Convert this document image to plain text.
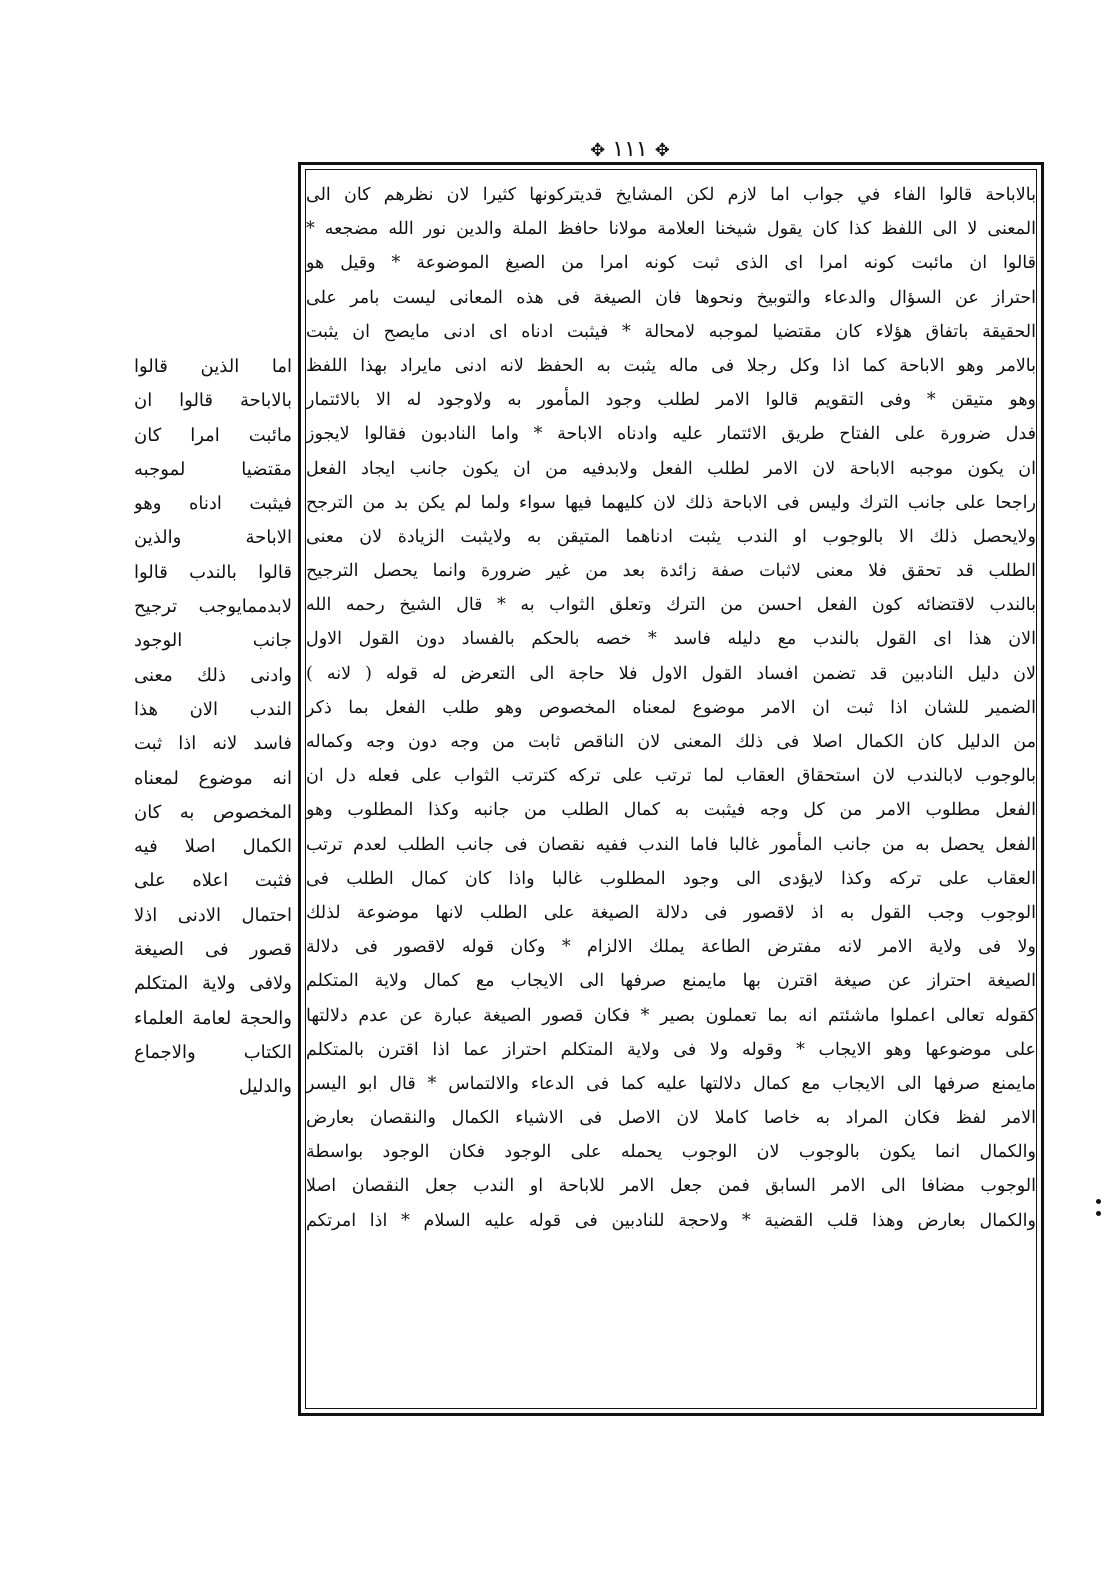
✥ ١١١ ✥
بالاباحة قالوا الفاء في جواب اما لازم لكن المشايخ قديتركونها كثيرا لان نظرهم كان الى
المعنى لا الى اللفظ كذا كان يقول شيخنا العلامة مولانا حافظ الملة والدين نور الله مضجعه *
قالوا ان مائبت كونه امرا اى الذى ثبت كونه امرا من الصيغ الموضوعة * وقيل هو
احتراز عن السؤال والدعاء والتوبيخ ونحوها فان الصيغة فى هذه المعانى ليست بامر على
الحقيقة باتفاق هؤلاء كان مقتضيا لموجبه لامحالة * فيثبت ادناه اى ادنى مايصح ان يثبت
بالامر وهو الاباحة كما اذا وكل رجلا فى ماله يثبت به الحفظ لانه ادنى مايراد بهذا اللفظ
وهو متيقن * وفى التقويم قالوا الامر لطلب وجود المأمور به ولاوجود له الا بالائتمار
فدل ضرورة على الفتاح طريق الائتمار عليه وادناه الاباحة * واما النادبون فقالوا لايجوز
ان يكون موجبه الاباحة لان الامر لطلب الفعل ولابدفيه من ان يكون جانب ايجاد الفعل
راجحا على جانب الترك وليس فى الاباحة ذلك لان كليهما فيها سواء ولما لم يكن بد من الترجح
ولايحصل ذلك الا بالوجوب او الندب يثبت ادناهما المتيقن به ولايثبت الزيادة لان معنى
الطلب قد تحقق فلا معنى لاثبات صفة زائدة بعد من غير ضرورة وانما يحصل الترجيح
بالندب لاقتضائه كون الفعل احسن من الترك وتعلق الثواب به * قال الشيخ رحمه الله
الان هذا اى القول بالندب مع دليله فاسد * خصه بالحكم بالفساد دون القول الاول
لان دليل النادبين قد تضمن افساد القول الاول فلا حاجة الى التعرض له قوله ( لانه )
الضمير للشان اذا ثبت ان الامر موضوع لمعناه المخصوص وهو طلب الفعل بما ذكر
من الدليل كان الكمال اصلا فى ذلك المعنى لان الناقص ثابت من وجه دون وجه وكماله
بالوجوب لابالندب لان استحقاق العقاب لما ترتب على تركه كترتب الثواب على فعله دل ان
الفعل مطلوب الامر من كل وجه فيثبت به كمال الطلب من جانبه وكذا المطلوب وهو
الفعل يحصل به من جانب المأمور غالبا فاما الندب ففيه نقصان فى جانب الطلب لعدم ترتب
العقاب على تركه وكذا لايؤدى الى وجود المطلوب غالبا واذا كان كمال الطلب فى
الوجوب وجب القول به اذ لاقصور فى دلالة الصيغة على الطلب لانها موضوعة لذلك
ولا فى ولاية الامر لانه مفترض الطاعة يملك الالزام * وكان قوله لاقصور فى دلالة
الصيغة احتراز عن صيغة اقترن بها مايمنع صرفها الى الايجاب مع كمال ولاية المتكلم
كقوله تعالى اعملوا ماشئتم انه بما تعملون بصير * فكان قصور الصيغة عبارة عن عدم دلالتها
على موضوعها وهو الايجاب * وقوله ولا فى ولاية المتكلم احتراز عما اذا اقترن بالمتكلم
مايمنع صرفها الى الايجاب مع كمال دلالتها عليه كما فى الدعاء والالتماس * قال ابو اليسر
الامر لفظ فكان المراد به خاصا كاملا لان الاصل فى الاشياء الكمال والنقصان بعارض
والكمال انما يكون بالوجوب لان الوجوب يحمله على الوجود فكان الوجود بواسطة
الوجوب مضافا الى الامر السابق فمن جعل الامر للاباحة او الندب جعل النقصان اصلا
والكمال بعارض وهذا قلب القضية * ولاحجة للنادبين فى قوله عليه السلام * اذا امرتكم
اما الذين قالوا
بالاباحة قالوا ان
مائبت امرا كان
مقتضيا لموجبه
فيثبت ادناه وهو
الاباحة والذين
قالوا بالندب قالوا
لابدممايوجب ترجيح
جانب الوجود
وادنى ذلك معنى
الندب الان هذا
فاسد لانه اذا ثبت
انه موضوع لمعناه
المخصوص به كان
الكمال اصلا فيه
فثبت اعلاه على
احتمال الادنى اذلا
قصور فى الصيغة
ولافى ولاية المتكلم
والحجة لعامة العلماء
الكتاب والاجماع
والدليل
